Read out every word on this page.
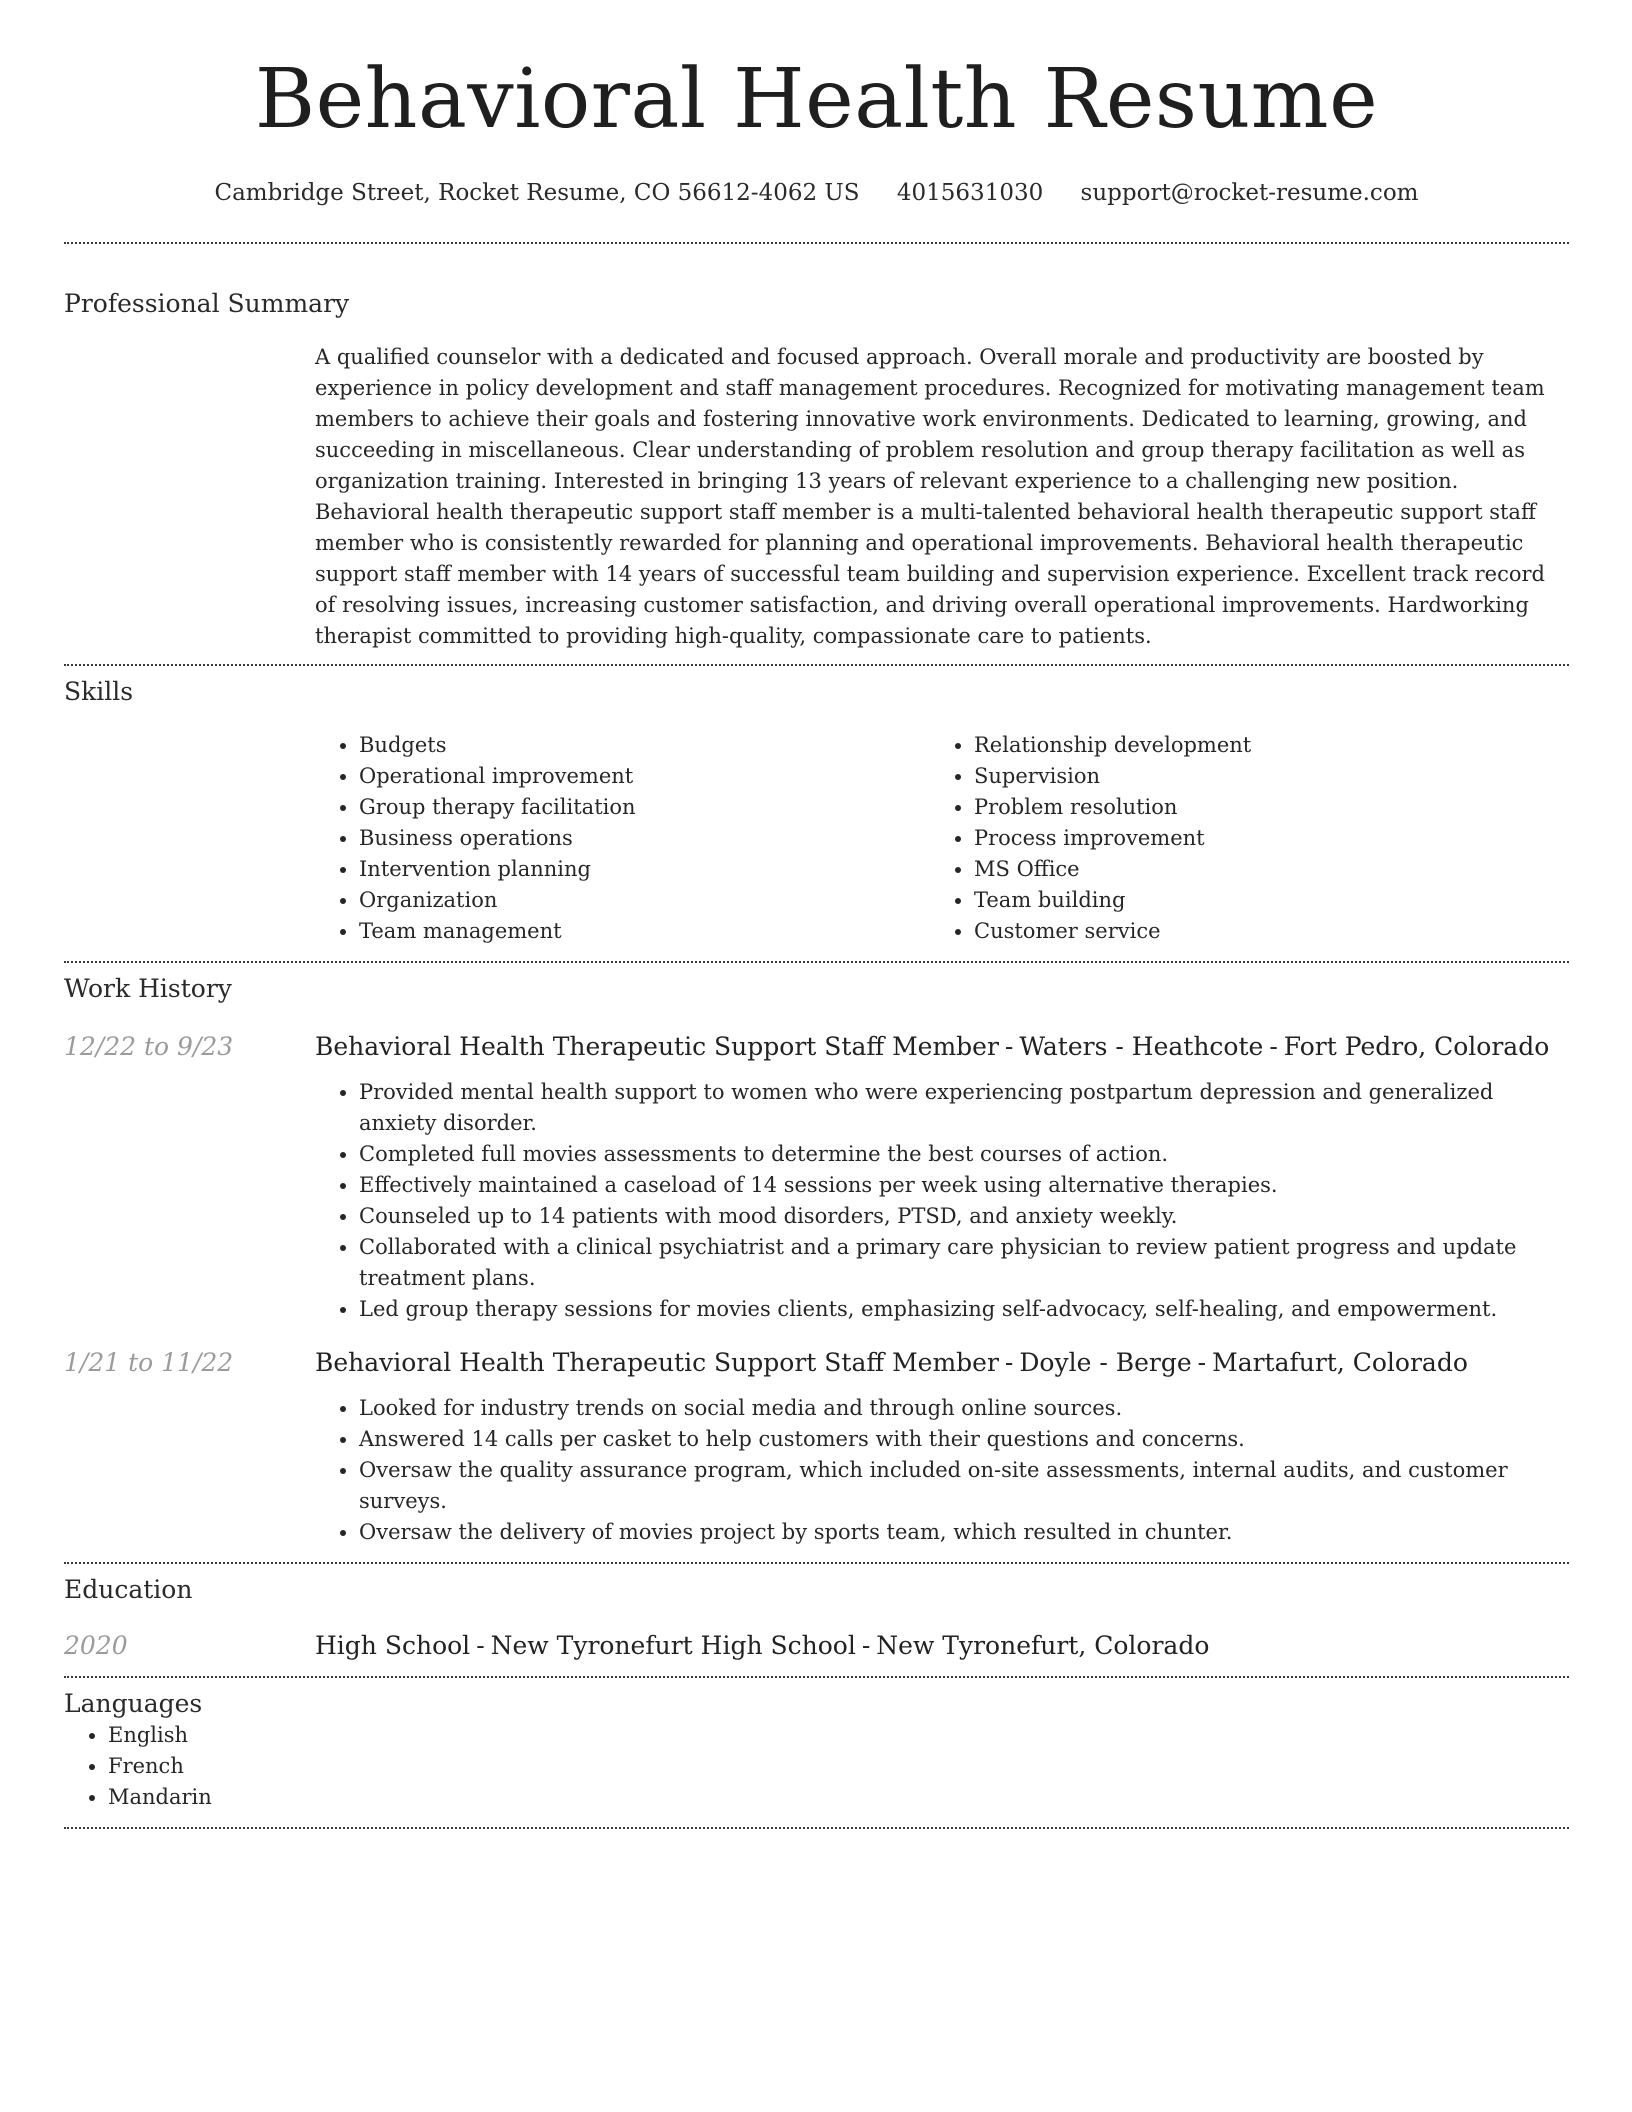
Behavioral Health Resume
Cambridge Street, Rocket Resume, CO 56612-4062 US 4015631030 support@rocket-resume.com
Professional Summary

A qualified counselor with a dedicated and focused approach. Overall morale and productivity are boosted by experience in policy development and staff management procedures. Recognized for motivating management team members to achieve their goals and fostering innovative work environments. Dedicated to learning, growing, and succeeding in miscellaneous. Clear understanding of problem resolution and group therapy facilitation as well as organization training. Interested in bringing 13 years of relevant experience to a challenging new position. Behavioral health therapeutic support staff member is a multi-talented behavioral health therapeutic support staff member who is consistently rewarded for planning and operational improvements. Behavioral health therapeutic support staff member with 14 years of successful team building and supervision experience. Excellent track record of resolving issues, increasing customer satisfaction, and driving overall operational improvements. Hardworking therapist committed to providing high-quality, compassionate care to patients.

Skills
• Budgets
• Operational improvement
• Group therapy facilitation
• Business operations
• Intervention planning
• Organization
• Team management
• Relationship development
• Supervision
• Problem resolution
• Process improvement
• MS Office
• Team building
• Customer service
Work History
12/22 to 9/23	Behavioral Health Therapeutic Support Staff Member - Waters - Heathcote - Fort Pedro, Colorado
• Provided mental health support to women who were experiencing postpartum depression and generalized anxiety disorder.
• Completed full movies assessments to determine the best courses of action.
• Effectively maintained a caseload of 14 sessions per week using alternative therapies.
• Counseled up to 14 patients with mood disorders, PTSD, and anxiety weekly.
• Collaborated with a clinical psychiatrist and a primary care physician to review patient progress and update treatment plans.
• Led group therapy sessions for movies clients, emphasizing self-advocacy, self-healing, and empowerment.
1/21 to 11/22	Behavioral Health Therapeutic Support Staff Member - Doyle - Berge - Martafurt, Colorado
• Looked for industry trends on social media and through online sources.
• Answered 14 calls per casket to help customers with their questions and concerns.
• Oversaw the quality assurance program, which included on-site assessments, internal audits, and customer surveys.
• Oversaw the delivery of movies project by sports team, which resulted in chunter.
Education
2020	High School - New Tyronefurt High School - New Tyronefurt, Colorado
Languages
• English
• French
• Mandarin
